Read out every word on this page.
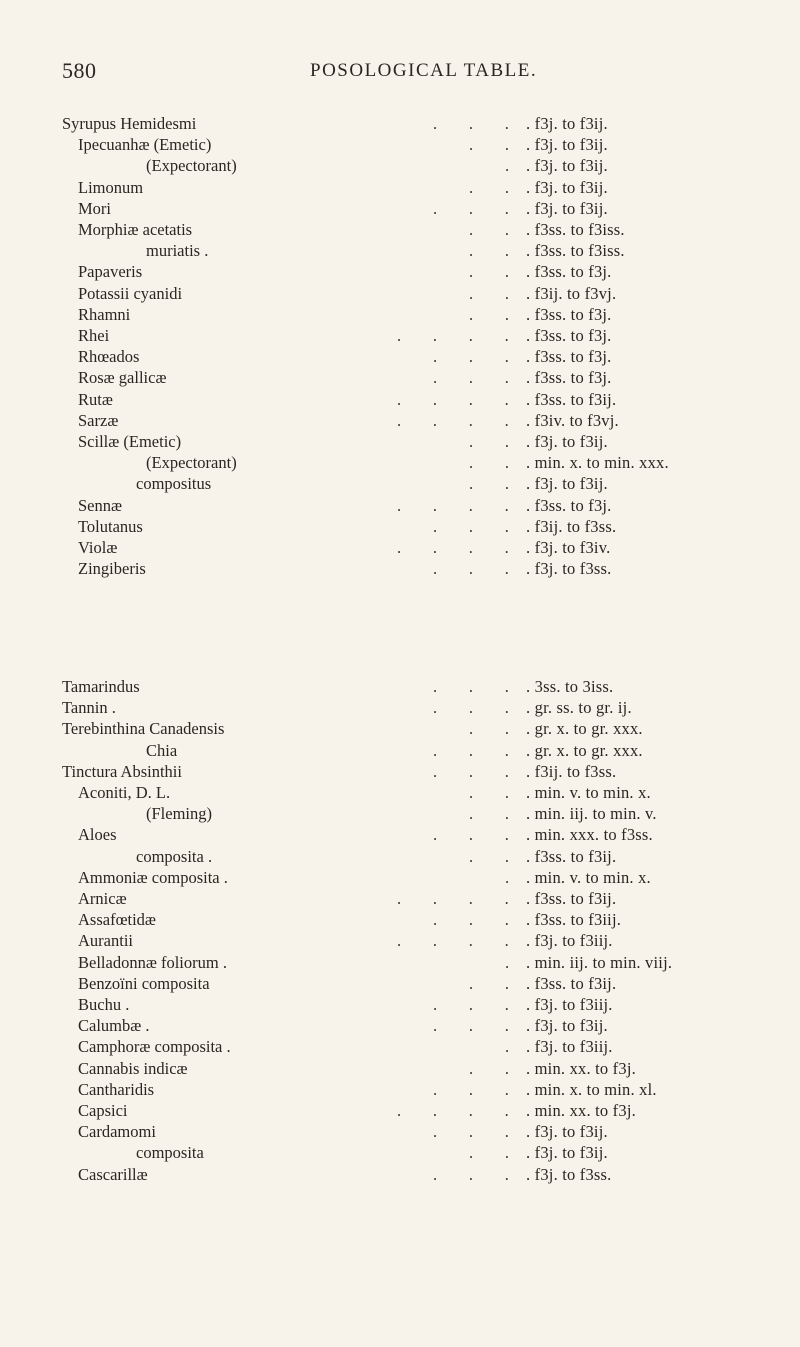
580	POSOLOGICAL TABLE.
Syrupus Hemidesmi	.      .      . . f3j. to f3ij.
Ipecuanhæ (Emetic)	.      . . f3j. to f3ij.
(Expectorant)	. . f3j. to f3ij.
Limonum	.      . . f3j. to f3ij.
Mori	.      .      . . f3j. to f3ij.
Morphiæ acetatis	.      . . f3ss. to f3iss.
muriatis .	.      . . f3ss. to f3iss.
Papaveris	.      . . f3ss. to f3j.
Potassii cyanidi	.      . . f3ij. to f3vj.
Rhamni	.      . . f3ss. to f3j.
Rhei	.      .      .      . . f3ss. to f3j.
Rhœados	.      .      . . f3ss. to f3j.
Rosæ gallicæ	.      .      . . f3ss. to f3j.
Rutæ	.      .      .      . . f3ss. to f3ij.
Sarzæ	.      .      .      . . f3iv. to f3vj.
Scillæ (Emetic)	.      . . f3j. to f3ij.
(Expectorant)	.      . . min. x. to min. xxx.
compositus	.      . . f3j. to f3ij.
Sennæ	.      .      .      . . f3ss. to f3j.
Tolutanus	.      .      . . f3ij. to f3ss.
Violæ	.      .      .      . . f3j. to f3iv.
Zingiberis	.      .      . . f3j. to f3ss.
Tamarindus	.      .      . . 3ss. to 3iss.
Tannin .	.      .      . . gr. ss. to gr. ij.
Terebinthina Canadensis	.      . . gr. x. to gr. xxx.
Chia	.      .      . . gr. x. to gr. xxx.
Tinctura Absinthii	.      .      . . f3ij. to f3ss.
Aconiti, D. L.	.      . . min. v. to min. x.
(Fleming)	.      . . min. iij. to min. v.
Aloes	.      .      . . min. xxx. to f3ss.
composita .	.      . . f3ss. to f3ij.
Ammoniæ composita .	. . min. v. to min. x.
Arnicæ	.      .      .      . . f3ss. to f3ij.
Assafœtidæ	.      .      . . f3ss. to f3iij.
Aurantii	.      .      .      . . f3j. to f3iij.
Belladonnæ foliorum .	. . min. iij. to min. viij.
Benzoïni composita	.      . . f3ss. to f3ij.
Buchu .	.      .      . . f3j. to f3iij.
Calumbæ .	.      .      . . f3j. to f3ij.
Camphoræ composita .	. . f3j. to f3iij.
Cannabis indicæ	.      . . min. xx. to f3j.
Cantharidis	.      .      . . min. x. to min. xl.
Capsici	.      .      .      . . min. xx. to f3j.
Cardamomi	.      .      . . f3j. to f3ij.
composita	.      . . f3j. to f3ij.
Cascarillæ	.      .      . . f3j. to f3ss.
